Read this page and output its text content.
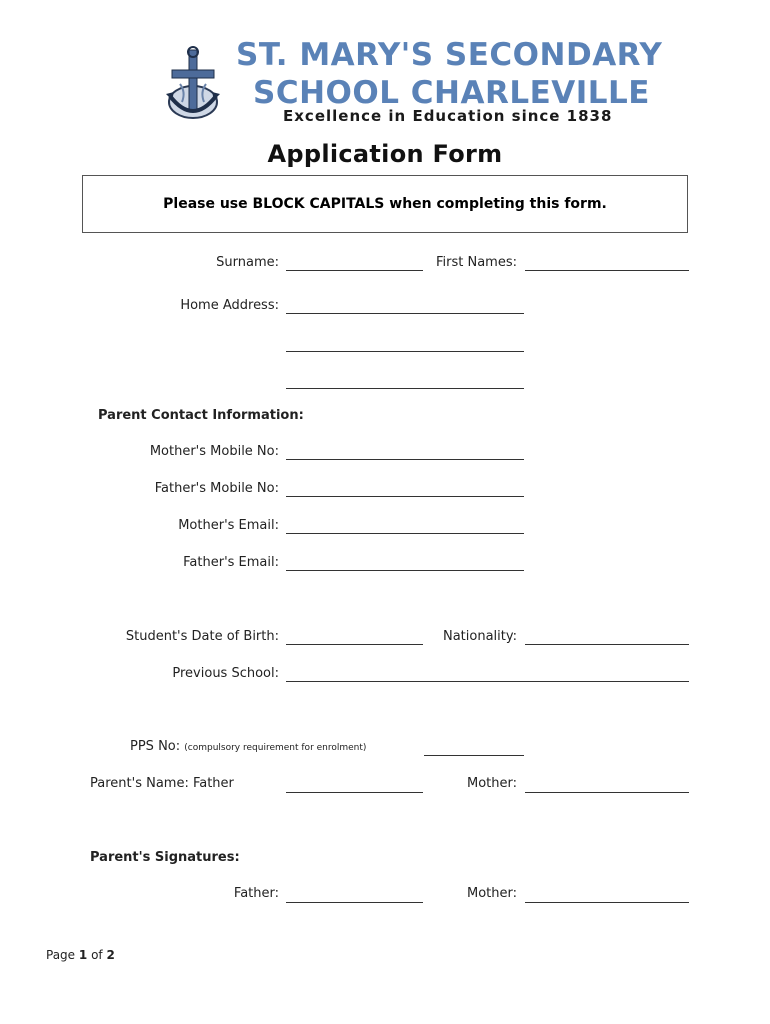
ST. MARY'S SECONDARY
SCHOOL CHARLEVILLE
Excellence in Education since 1838
Application Form
Please use BLOCK CAPITALS when completing this form.
Surname:	First Names:
Home Address:
Parent Contact Information:
Mother's Mobile No:
Father's Mobile No:
Mother's Email:
Father's Email:
Student's Date of Birth:	Nationality:
Previous School:
PPS No: (compulsory requirement for enrolment)
Parent's Name: Father	Mother:
Parent's Signatures:
Father:	Mother:
Page 1 of 2
